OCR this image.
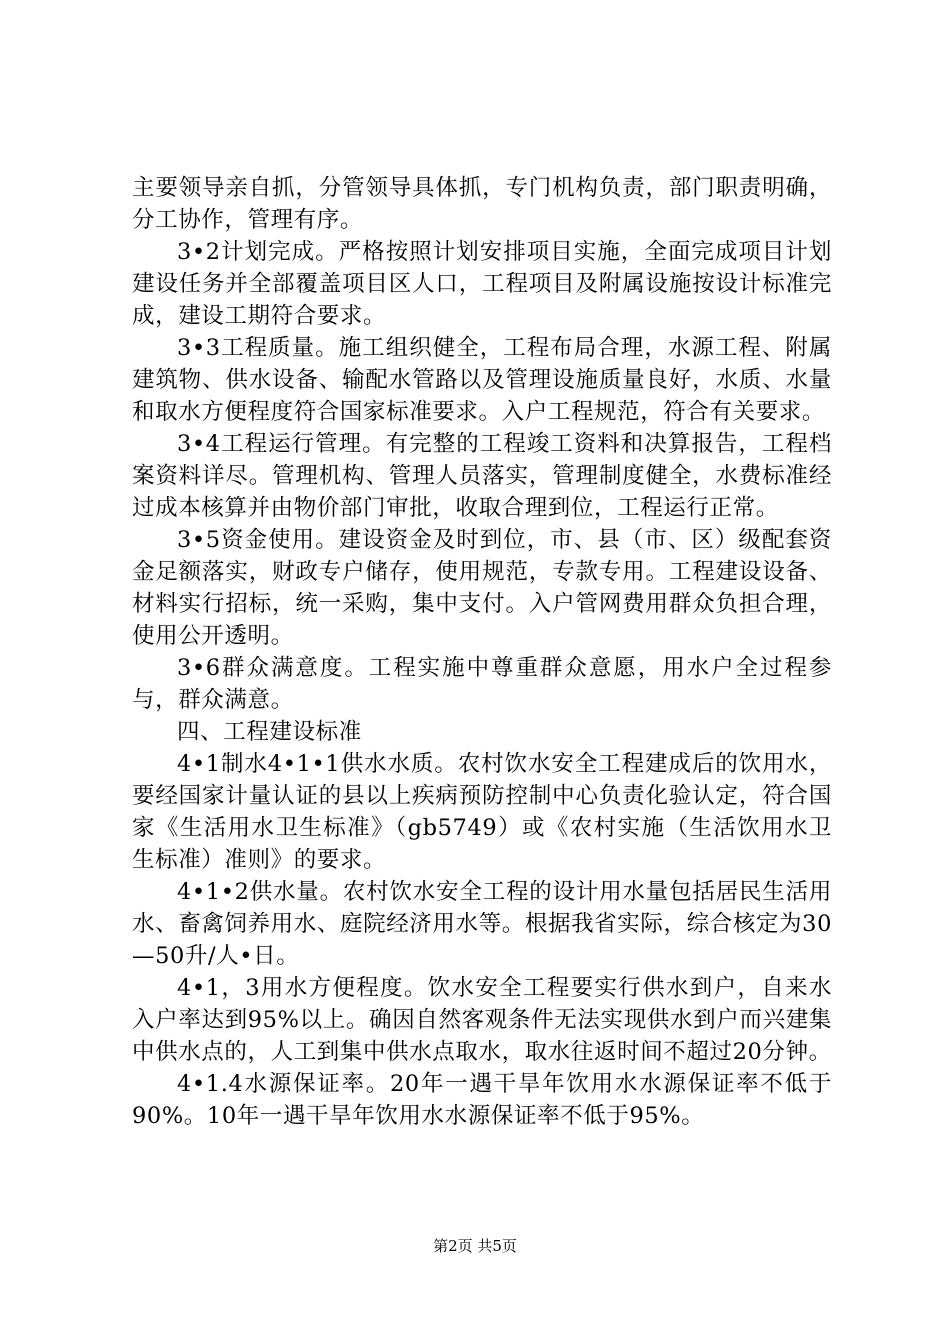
主要领导亲自抓，分管领导具体抓，专门机构负责，部门职责明确，分工协作，管理有序。

3•2计划完成。严格按照计划安排项目实施，全面完成项目计划建设任务并全部覆盖项目区人口，工程项目及附属设施按设计标准完成，建设工期符合要求。

3•3工程质量。施工组织健全，工程布局合理，水源工程、附属建筑物、供水设备、输配水管路以及管理设施质量良好，水质、水量和取水方便程度符合国家标准要求。入户工程规范，符合有关要求。

3•4工程运行管理。有完整的工程竣工资料和决算报告，工程档案资料详尽。管理机构、管理人员落实，管理制度健全，水费标准经过成本核算并由物价部门审批，收取合理到位，工程运行正常。

3•5资金使用。建设资金及时到位，市、县（市、区）级配套资金足额落实，财政专户储存，使用规范，专款专用。工程建设设备、材料实行招标，统一采购，集中支付。入户管网费用群众负担合理，使用公开透明。

3•6群众满意度。工程实施中尊重群众意愿，用水户全过程参与，群众满意。

四、工程建设标准

4•1制水4•1•1供水水质。农村饮水安全工程建成后的饮用水，要经国家计量认证的县以上疾病预防控制中心负责化验认定，符合国家《生活用水卫生标准》（gb5749）或《农村实施（生活饮用水卫生标准）准则》的要求。

4•1•2供水量。农村饮水安全工程的设计用水量包括居民生活用水、畜禽饲养用水、庭院经济用水等。根据我省实际，综合核定为30—50升/人•日。

4•1，3用水方便程度。饮水安全工程要实行供水到户，自来水入户率达到95%以上。确因自然客观条件无法实现供水到户而兴建集中供水点的，人工到集中供水点取水，取水往返时间不超过20分钟。

4•1.4水源保证率。20年一遇干旱年饮用水水源保证率不低于90%。10年一遇干旱年饮用水水源保证率不低于95%。

第2页 共5页
